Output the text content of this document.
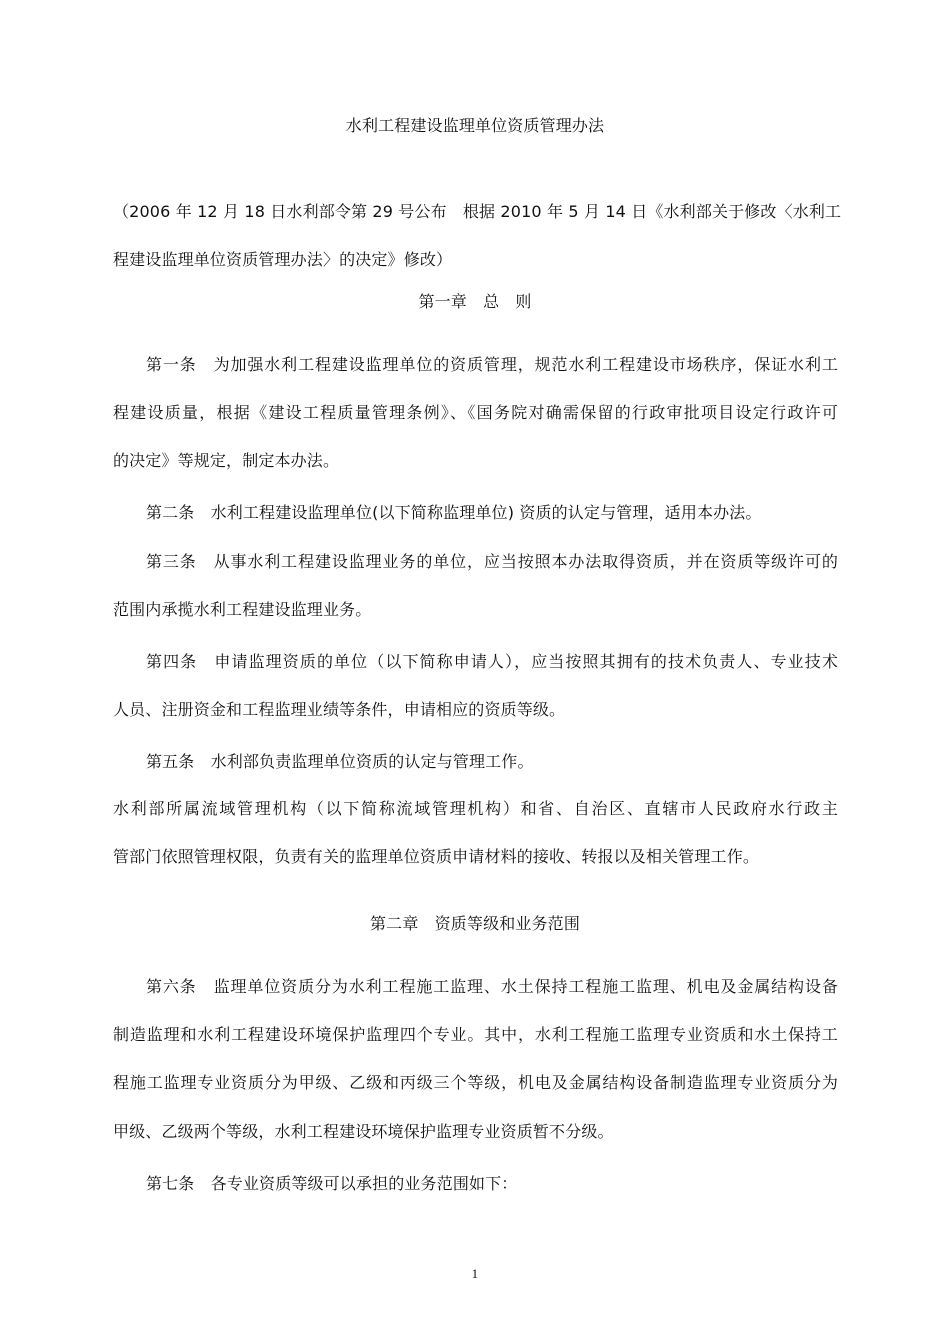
水利工程建设监理单位资质管理办法
（2006 年 12 月 18 日水利部令第 29 号公布　根据 2010 年 5 月 14 日《水利部关于修改〈水利工
程建设监理单位资质管理办法〉的决定》修改）
第一章　总　则
第一条　为加强水利工程建设监理单位的资质管理，规范水利工程建设市场秩序，保证水利工
程建设质量，根据《建设工程质量管理条例》、《国务院对确需保留的行政审批项目设定行政许可
的决定》等规定，制定本办法。
第二条　水利工程建设监理单位(以下简称监理单位) 资质的认定与管理，适用本办法。
第三条　从事水利工程建设监理业务的单位，应当按照本办法取得资质，并在资质等级许可的
范围内承揽水利工程建设监理业务。
第四条　申请监理资质的单位（以下简称申请人），应当按照其拥有的技术负责人、专业技术
人员、注册资金和工程监理业绩等条件，申请相应的资质等级。
第五条　水利部负责监理单位资质的认定与管理工作。
水利部所属流域管理机构（以下简称流域管理机构）和省、自治区、直辖市人民政府水行政主
管部门依照管理权限，负责有关的监理单位资质申请材料的接收、转报以及相关管理工作。
第二章　资质等级和业务范围
第六条　监理单位资质分为水利工程施工监理、水土保持工程施工监理、机电及金属结构设备
制造监理和水利工程建设环境保护监理四个专业。其中，水利工程施工监理专业资质和水土保持工
程施工监理专业资质分为甲级、乙级和丙级三个等级，机电及金属结构设备制造监理专业资质分为
甲级、乙级两个等级，水利工程建设环境保护监理专业资质暂不分级。
第七条　各专业资质等级可以承担的业务范围如下：
1
